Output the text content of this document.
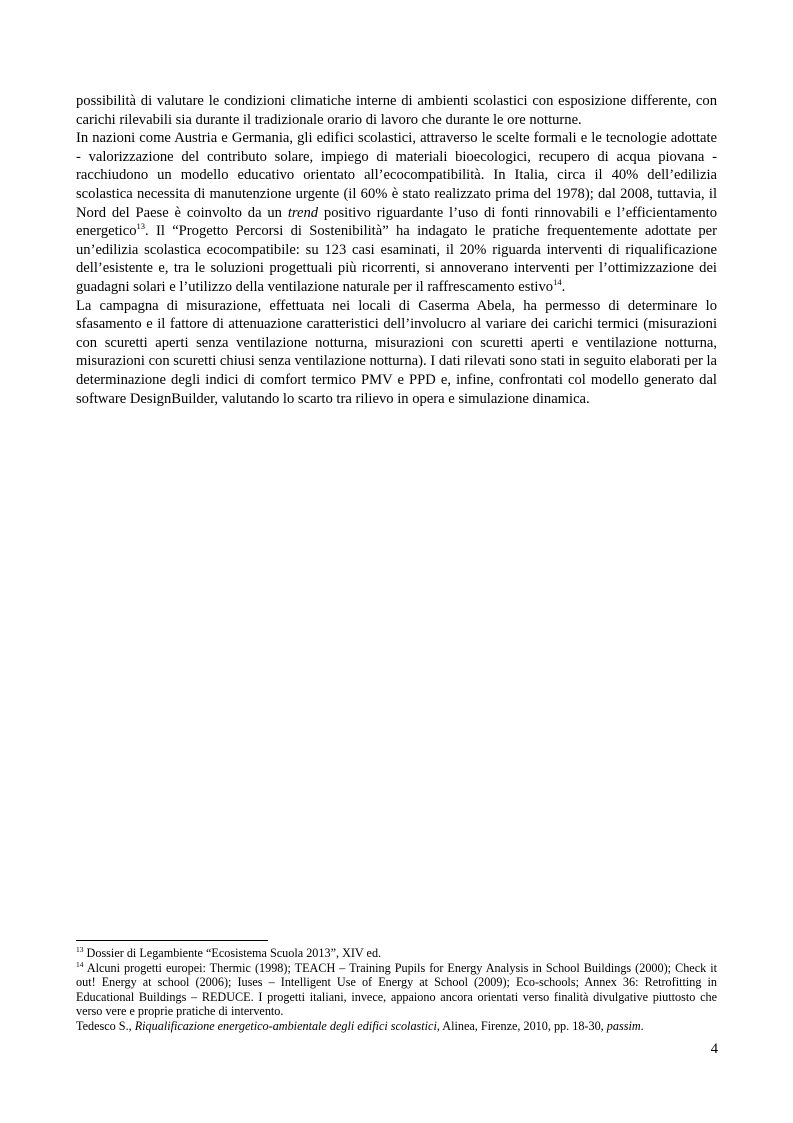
possibilità di valutare le condizioni climatiche interne di ambienti scolastici con esposizione differente, con carichi rilevabili sia durante il tradizionale orario di lavoro che durante le ore notturne.

In nazioni come Austria e Germania, gli edifici scolastici, attraverso le scelte formali e le tecnologie adottate - valorizzazione del contributo solare, impiego di materiali bioecologici, recupero di acqua piovana - racchiudono un modello educativo orientato all’ecocompatibilità. In Italia, circa il 40% dell’edilizia scolastica necessita di manutenzione urgente (il 60% è stato realizzato prima del 1978); dal 2008, tuttavia, il Nord del Paese è coinvolto da un trend positivo riguardante l’uso di fonti rinnovabili e l’efficientamento energetico$^{13}$. Il “Progetto Percorsi di Sostenibilità” ha indagato le pratiche frequentemente adottate per un’edilizia scolastica ecocompatibile: su 123 casi esaminati, il 20% riguarda interventi di riqualificazione dell’esistente e, tra le soluzioni progettuali più ricorrenti, si annoverano interventi per l’ottimizzazione dei guadagni solari e l’utilizzo della ventilazione naturale per il raffrescamento estivo$^{14}$.

La campagna di misurazione, effettuata nei locali di Caserma Abela, ha permesso di determinare lo sfasamento e il fattore di attenuazione caratteristici dell’involucro al variare dei carichi termici (misurazioni con scuretti aperti senza ventilazione notturna, misurazioni con scuretti aperti e ventilazione notturna, misurazioni con scuretti chiusi senza ventilazione notturna). I dati rilevati sono stati in seguito elaborati per la determinazione degli indici di comfort termico PMV e PPD e, infine, confrontati col modello generato dal software DesignBuilder, valutando lo scarto tra rilievo in opera e simulazione dinamica.

$^{13}$ Dossier di Legambiente “Ecosistema Scuola 2013”, XIV ed.

$^{14}$ Alcuni progetti europei: Thermic (1998); TEACH – Training Pupils for Energy Analysis in School Buildings (2000); Check it out! Energy at school (2006); Iuses – Intelligent Use of Energy at School (2009); Eco-schools; Annex 36: Retrofitting in Educational Buildings – REDUCE. I progetti italiani, invece, appaiono ancora orientati verso finalità divulgative piuttosto che verso vere e proprie pratiche di intervento.

Tedesco S., Riqualificazione energetico-ambientale degli edifici scolastici, Alinea, Firenze, 2010, pp. 18-30, passim.

4
